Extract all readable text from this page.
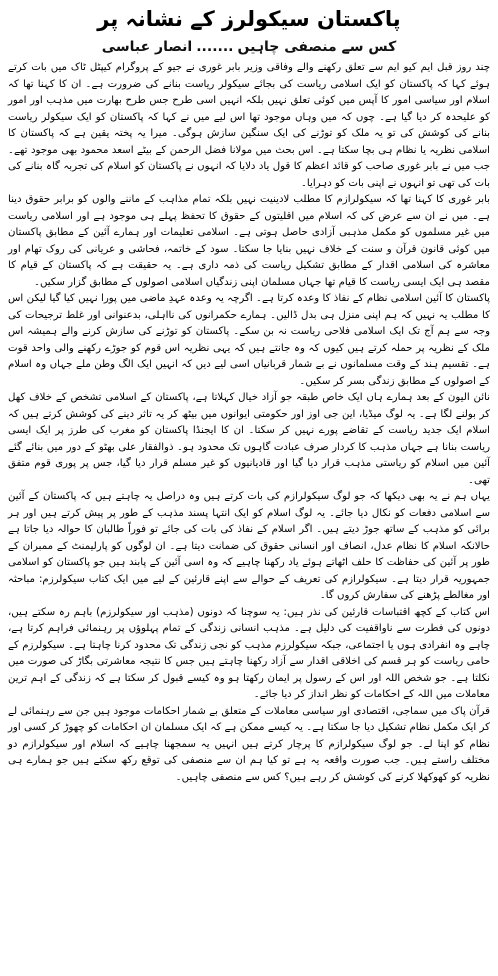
پاکستان سیکولرز کے نشانہ پر
کس سے منصفی چاہیں
.......
انصار عباسی

چند روز قبل ایم کیو ایم سے تعلق رکھنے والے وفاقی وزیر بابر غوری نے جیو کے پروگرام کیپٹل ٹاک میں بات کرتے ہوئے کہا کہ پاکستان کو ایک اسلامی ریاست کی بجائے سیکولر ریاست بنانے کی ضرورت ہے۔ ان کا کہنا تھا کہ اسلام اور سیاسی امور کا آپس میں کوئی تعلق نہیں بلکہ انہیں اسی طرح جس طرح بھارت میں مذہب اور امور کو علیحدہ کر دیا گیا ہے۔ چوں کہ میں وہاں موجود تھا اس لیے میں نے کہا کہ پاکستان کو ایک سیکولر ریاست بنانے کی کوشش کی تو یہ ملک کو توڑنے کی ایک سنگین سازش ہوگی۔ میرا یہ پختہ یقین ہے کہ پاکستان کا اسلامی نظریہ یا نظام ہی بچا سکتا ہے۔ اس بحث میں مولانا فضل الرحمن کے بیٹے اسعد محمود بھی موجود تھے۔ جب میں نے بابر غوری صاحب کو قائد اعظم کا قول یاد دلایا کہ انہوں نے پاکستان کو اسلام کی تجربہ گاہ بنانے کی بات کی تھی تو انہوں نے اپنی بات کو دہرایا۔

بابر غوری کا کہنا تھا کہ سیکولرازم کا مطلب لادینیت نہیں بلکہ تمام مذاہب کے ماننے والوں کو برابر حقوق دینا ہے۔ میں نے ان سے عرض کی کہ اسلام میں اقلیتوں کے حقوق کا تحفظ پہلے ہی موجود ہے اور اسلامی ریاست میں غیر مسلموں کو مکمل مذہبی آزادی حاصل ہوتی ہے۔ اسلامی تعلیمات اور ہمارے آئین کے مطابق پاکستان میں کوئی قانون قرآن و سنت کے خلاف نہیں بنایا جا سکتا۔ سود کے خاتمہ، فحاشی و عریانی کی روک تھام اور معاشرہ کی اسلامی اقدار کے مطابق تشکیل ریاست کی ذمہ داری ہے۔ یہ حقیقت ہے کہ پاکستان کے قیام کا مقصد ہی ایک ایسی ریاست کا قیام تھا جہاں مسلمان اپنی زندگیاں اسلامی اصولوں کے مطابق گزار سکیں۔

پاکستان کا آئین اسلامی نظام کے نفاذ کا وعدہ کرتا ہے۔ اگرچہ یہ وعدہ عہدِ ماضی میں پورا نہیں کیا گیا لیکن اس کا مطلب یہ نہیں کہ ہم اپنی منزل ہی بدل ڈالیں۔ ہمارے حکمرانوں کی نااہلی، بدعنوانی اور غلط ترجیحات کی وجہ سے ہم آج تک ایک اسلامی فلاحی ریاست نہ بن سکے۔ پاکستان کو توڑنے کی سازش کرنے والے ہمیشہ اس ملک کے نظریہ پر حملہ کرتے ہیں کیوں کہ وہ جانتے ہیں کہ یہی نظریہ اس قوم کو جوڑے رکھنے والی واحد قوت ہے۔ تقسیم ہند کے وقت مسلمانوں نے بے شمار قربانیاں اسی لیے دیں کہ انہیں ایک الگ وطن ملے جہاں وہ اسلام کے اصولوں کے مطابق زندگی بسر کر سکیں۔

نائن الیون کے بعد ہمارے ہاں ایک خاص طبقہ جو آزاد خیال کہلاتا ہے، پاکستان کے اسلامی تشخص کے خلاف کھل کر بولنے لگا ہے۔ یہ لوگ میڈیا، این جی اوز اور حکومتی ایوانوں میں بیٹھ کر یہ تاثر دینے کی کوشش کرتے ہیں کہ اسلام ایک جدید ریاست کے تقاضے پورے نہیں کر سکتا۔ ان کا ایجنڈا پاکستان کو مغرب کی طرز پر ایک ایسی ریاست بنانا ہے جہاں مذہب کا کردار صرف عبادت گاہوں تک محدود ہو۔ ذوالفقار علی بھٹو کے دور میں بنائے گئے آئین میں اسلام کو ریاستی مذہب قرار دیا گیا اور قادیانیوں کو غیر مسلم قرار دیا گیا، جس پر پوری قوم متفق تھی۔

یہاں ہم نے یہ بھی دیکھا کہ جو لوگ سیکولرازم کی بات کرتے ہیں وہ دراصل یہ چاہتے ہیں کہ پاکستان کے آئین سے اسلامی دفعات کو نکال دیا جائے۔ یہ لوگ اسلام کو ایک انتہا پسند مذہب کے طور پر پیش کرتے ہیں اور ہر برائی کو مذہب کے ساتھ جوڑ دیتے ہیں۔ اگر اسلام کے نفاذ کی بات کی جائے تو فوراً طالبان کا حوالہ دیا جاتا ہے حالانکہ اسلام کا نظام عدل، انصاف اور انسانی حقوق کی ضمانت دیتا ہے۔ ان لوگوں کو پارلیمنٹ کے ممبران کے طور پر آئین کی حفاظت کا حلف اٹھاتے ہوئے یاد رکھنا چاہیے کہ وہ اسی آئین کے پابند ہیں جو پاکستان کو اسلامی جمہوریہ قرار دیتا ہے۔ سیکولرازم کی تعریف کے حوالے سے اپنے قارئین کے لیے میں ایک کتاب سیکولرزم: مباحثہ اور مغالطے پڑھنے کی سفارش کروں گا۔

اس کتاب کے کچھ اقتباسات قارئین کی نذر ہیں: یہ سوچنا کہ دونوں (مذہب اور سیکولرزم) باہم رہ سکتے ہیں، دونوں کی فطرت سے ناواقفیت کی دلیل ہے۔ مذہب انسانی زندگی کے تمام پہلوؤں پر رہنمائی فراہم کرتا ہے، چاہے وہ انفرادی ہوں یا اجتماعی، جبکہ سیکولرزم مذہب کو نجی زندگی تک محدود کرنا چاہتا ہے۔ سیکولرزم کے حامی ریاست کو ہر قسم کی اخلاقی اقدار سے آزاد رکھنا چاہتے ہیں جس کا نتیجہ معاشرتی بگاڑ کی صورت میں نکلتا ہے۔ جو شخص اللہ اور اس کے رسول پر ایمان رکھتا ہو وہ کیسے قبول کر سکتا ہے کہ زندگی کے اہم ترین معاملات میں اللہ کے احکامات کو نظر انداز کر دیا جائے۔

قرآن پاک میں سماجی، اقتصادی اور سیاسی معاملات کے متعلق بے شمار احکامات موجود ہیں جن سے رہنمائی لے کر ایک مکمل نظام تشکیل دیا جا سکتا ہے۔ یہ کیسے ممکن ہے کہ ایک مسلمان ان احکامات کو چھوڑ کر کسی اور نظام کو اپنا لے۔ جو لوگ سیکولرازم کا پرچار کرتے ہیں انہیں یہ سمجھنا چاہیے کہ اسلام اور سیکولرازم دو مختلف راستے ہیں۔ جب صورت واقعہ یہ ہے تو کیا ہم ان سے منصفی کی توقع رکھ سکتے ہیں جو ہمارے ہی نظریہ کو کھوکھلا کرنے کی کوشش کر رہے ہیں؟ کس سے منصفی چاہیں۔
